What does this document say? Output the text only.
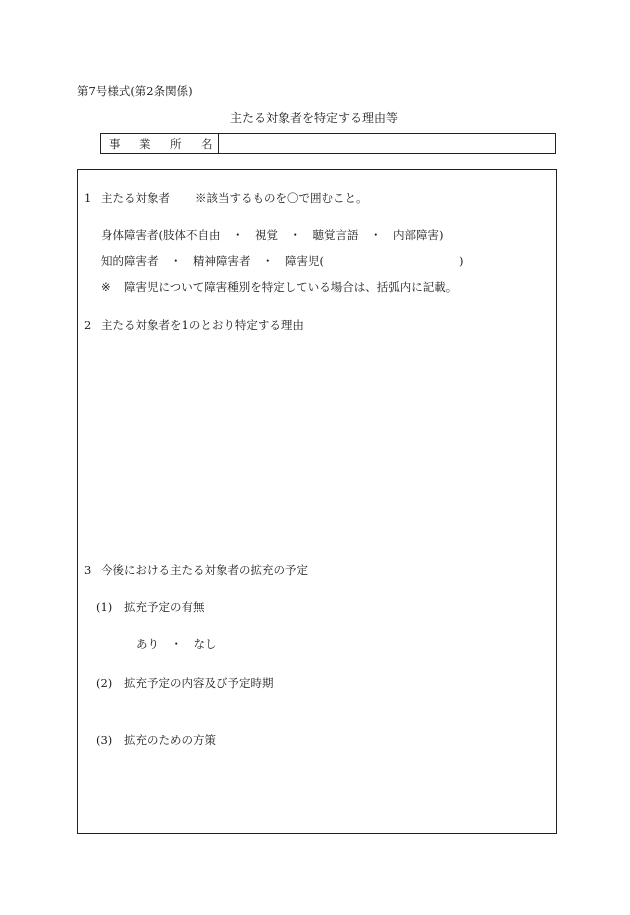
第7号様式(第2条関係)
主たる対象者を特定する理由等
事 業 所 名
1 主たる対象者 ※該当するものを〇で囲むこと。
身体障害者(肢体不自由　・　視覚　・　聴覚言語　・　内部障害)
知的障害者　・　精神障害者　・　障害児(	)
※ 障害児について障害種別を特定している場合は、括弧内に記載。
2 主たる対象者を1のとおり特定する理由
3 今後における主たる対象者の拡充の予定
(1) 拡充予定の有無
あり　・　なし
(2) 拡充予定の内容及び予定時期
(3) 拡充のための方策
